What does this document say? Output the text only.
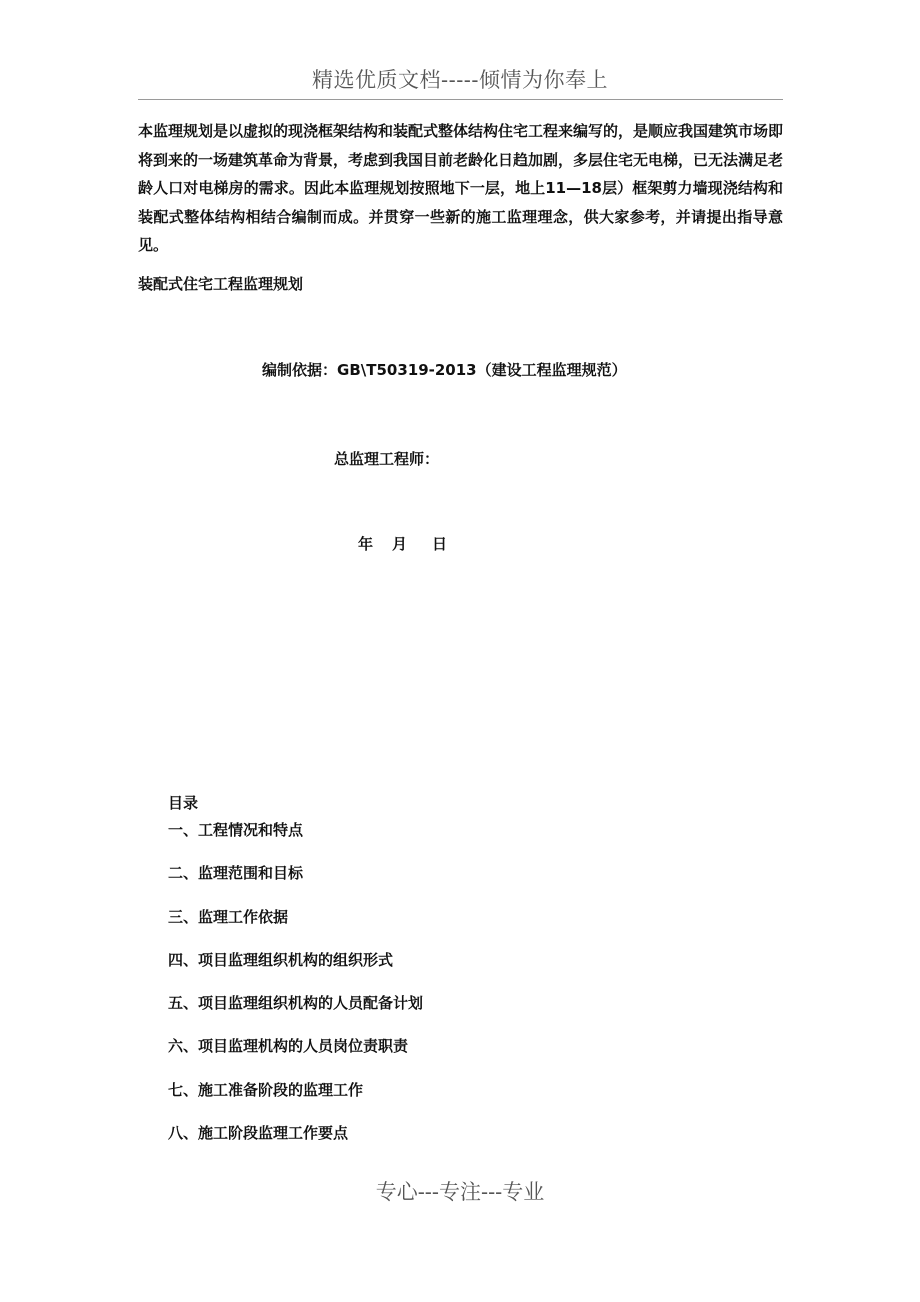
精选优质文档-----倾情为你奉上
本监理规划是以虚拟的现浇框架结构和装配式整体结构住宅工程来编写的，是顺应我国建筑市场即将到来的一场建筑革命为背景，考虑到我国目前老龄化日趋加剧，多层住宅无电梯，已无法满足老龄人口对电梯房的需求。因此本监理规划按照地下一层，地上11—18层）框架剪力墙现浇结构和装配式整体结构相结合编制而成。并贯穿一些新的施工监理理念，供大家参考，并请提出指导意见。
装配式住宅工程监理规划
编制依据：GB\T50319-2013（建设工程监理规范）
总监理工程师：
年 月 日
目录
一、工程情况和特点
二、监理范围和目标
三、监理工作依据
四、项目监理组织机构的组织形式
五、项目监理组织机构的人员配备计划
六、项目监理机构的人员岗位责职责
七、施工准备阶段的监理工作
八、施工阶段监理工作要点
专心---专注---专业
